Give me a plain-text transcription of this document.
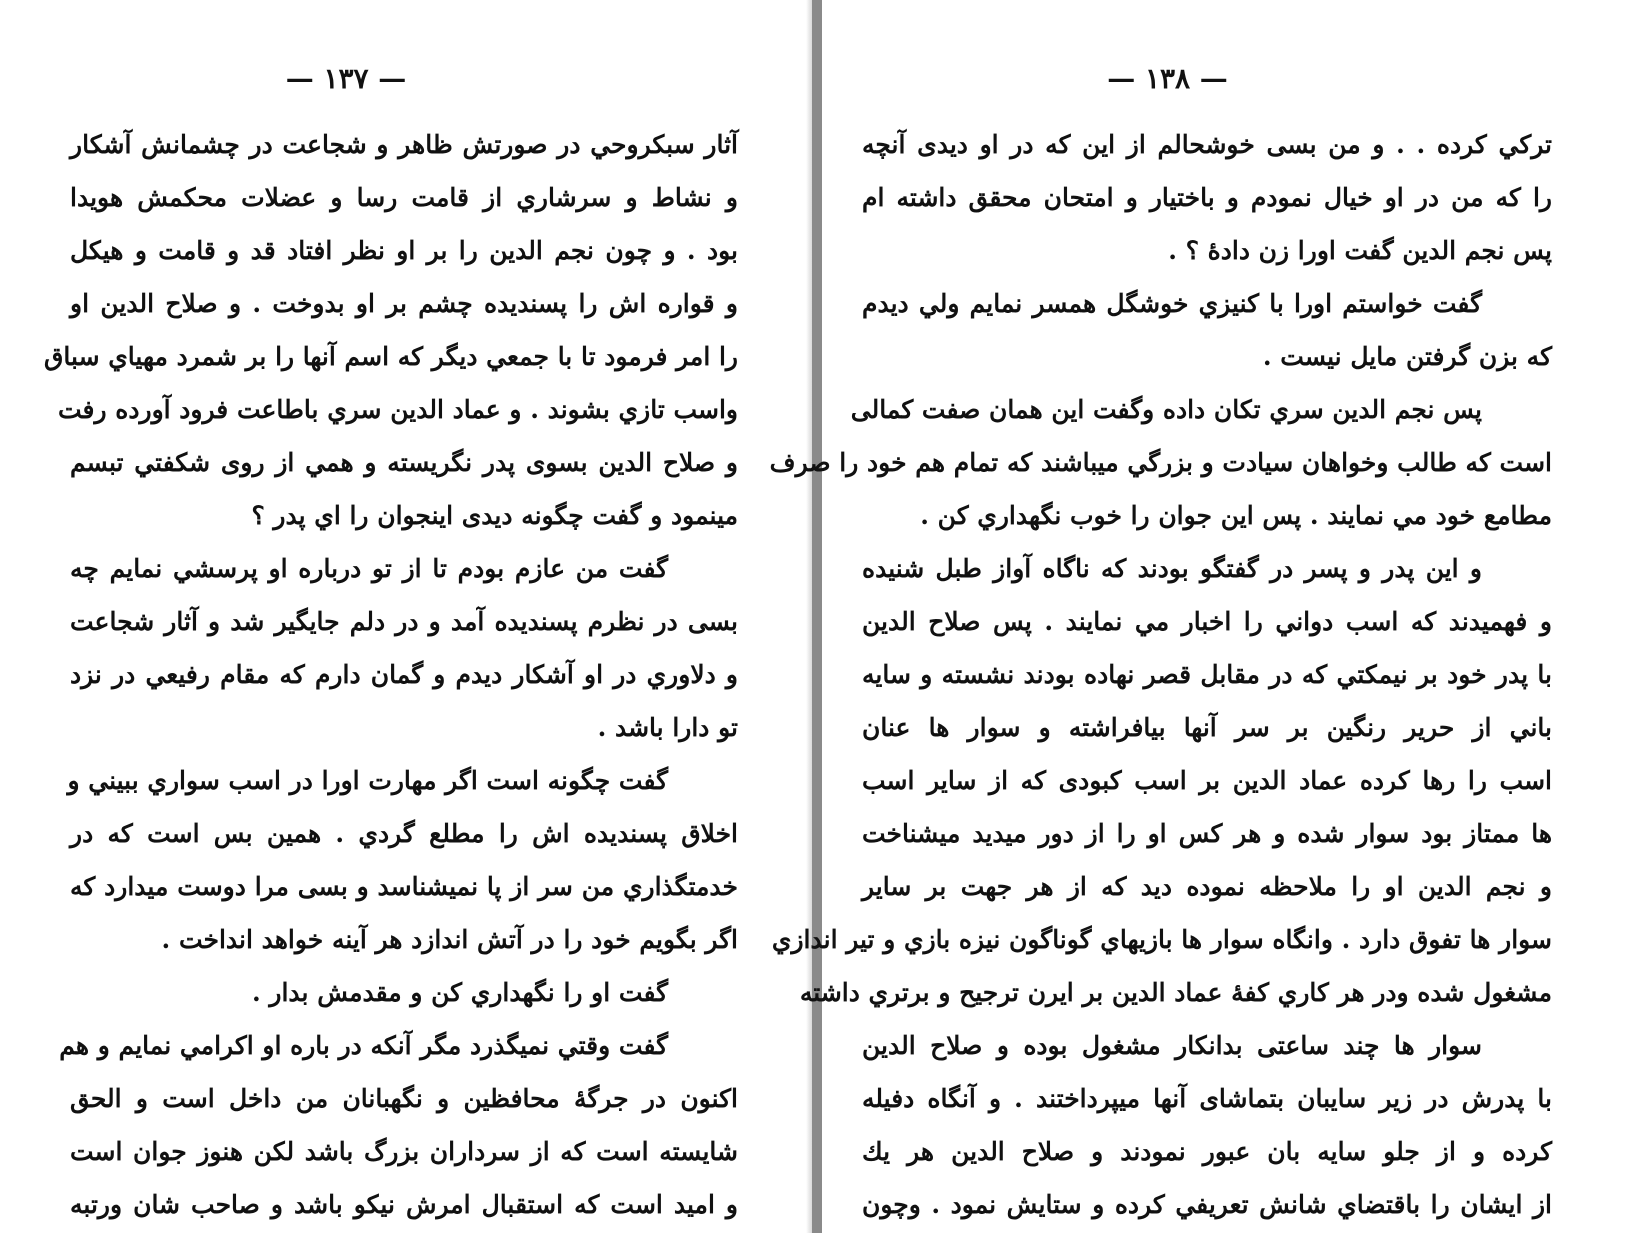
— ١٣٧ —
آثار سبکروحي در صورتش ظاهر و شجاعت در چشمانش آشکار
و نشاط و سرشاري از قامت رسا و عضلات محکمش هويدا
بود . و چون نجم الدين را بر او نظر افتاد قد و قامت و هيکل
و قواره اش را پسنديده چشم بر او بدوخت . و صلاح الدين او
را امر فرمود تا با جمعي ديگر که اسم آنها را بر شمرد مهياي سباق
واسب تازي بشوند . و عماد الدين سري باطاعت فرود آورده رفت
و صلاح الدين بسوی پدر نگريسته و همي از روی شکفتي تبسم
مينمود و گفت چگونه ديدی اينجوان را اي پدر ؟
گفت من عازم بودم تا از تو درباره او پرسشي نمايم چه
بسی در نظرم پسنديده آمد و در دلم جايگير شد و آثار شجاعت
و دلاوري در او آشکار ديدم و گمان دارم که مقام رفيعي در نزد
تو دارا باشد .
گفت چگونه است اگر مهارت اورا در اسب سواري ببيني و
اخلاق پسنديده اش را مطلع گردي . همين بس است که در
خدمتگذاري من سر از پا نميشناسد و بسی مرا دوست ميدارد که
اگر بگويم خود را در آتش اندازد هر آينه خواهد انداخت .
گفت او را نگهداري کن و مقدمش بدار .
گفت وقتي نميگذرد مگر آنکه در باره او اکرامي نمايم و هم
اکنون در جرگهٔ محافظين و نگهبانان من داخل است و الحق
شايسته است که از سرداران بزرگ باشد لکن هنوز جوان است
و اميد است که استقبال امرش نيکو باشد و صاحب شان ورتبه
— ١٣٨ —
ترکي کرده . . و من بسی خوشحالم از اين که در او ديدی آنچه
را که من در او خيال نمودم و باختيار و امتحان محقق داشته ام
پس نجم الدين گفت اورا زن دادهٔ ؟ .
گفت خواستم اورا با کنيزي خوشگل همسر نمايم ولي ديدم
که بزن گرفتن مايل نيست .
پس نجم الدين سري تکان داده وگفت اين همان صفت کمالی
است که طالب وخواهان سيادت و بزرگي ميباشند که تمام هم خود را صرف
مطامع خود مي نمايند . پس اين جوان را خوب نگهداري کن .
و اين پدر و پسر در گفتگو بودند که ناگاه آواز طبل شنيده
و فهميدند که اسب دواني را اخبار مي نمايند . پس صلاح الدين
با پدر خود بر نيمکتي که در مقابل قصر نهاده بودند نشسته و سايه
باني از حرير رنگين بر سر آنها بيافراشته و سوار ها عنان
اسب را رها کرده عماد الدين بر اسب کبودی که از ساير اسب
ها ممتاز بود سوار شده و هر کس او را از دور ميديد ميشناخت
و نجم الدين او را ملاحظه نموده ديد که از هر جهت بر ساير
سوار ها تفوق دارد . وانگاه سوار ها بازيهاي گوناگون نيزه بازي و تير اندازي
مشغول شده ودر هر کاري کفهٔ عماد الدين بر ايرن ترجيح و برتري داشته
سوار ها چند ساعتی بدانکار مشغول بوده و صلاح الدين
با پدرش در زير سايبان بتماشای آنها ميپرداختند . و آنگاه دفيله
کرده و از جلو سايه بان عبور نمودند و صلاح الدين هر يك
از ايشان را باقتضاي شانش تعريفي کرده و ستايش نمود . وچون
